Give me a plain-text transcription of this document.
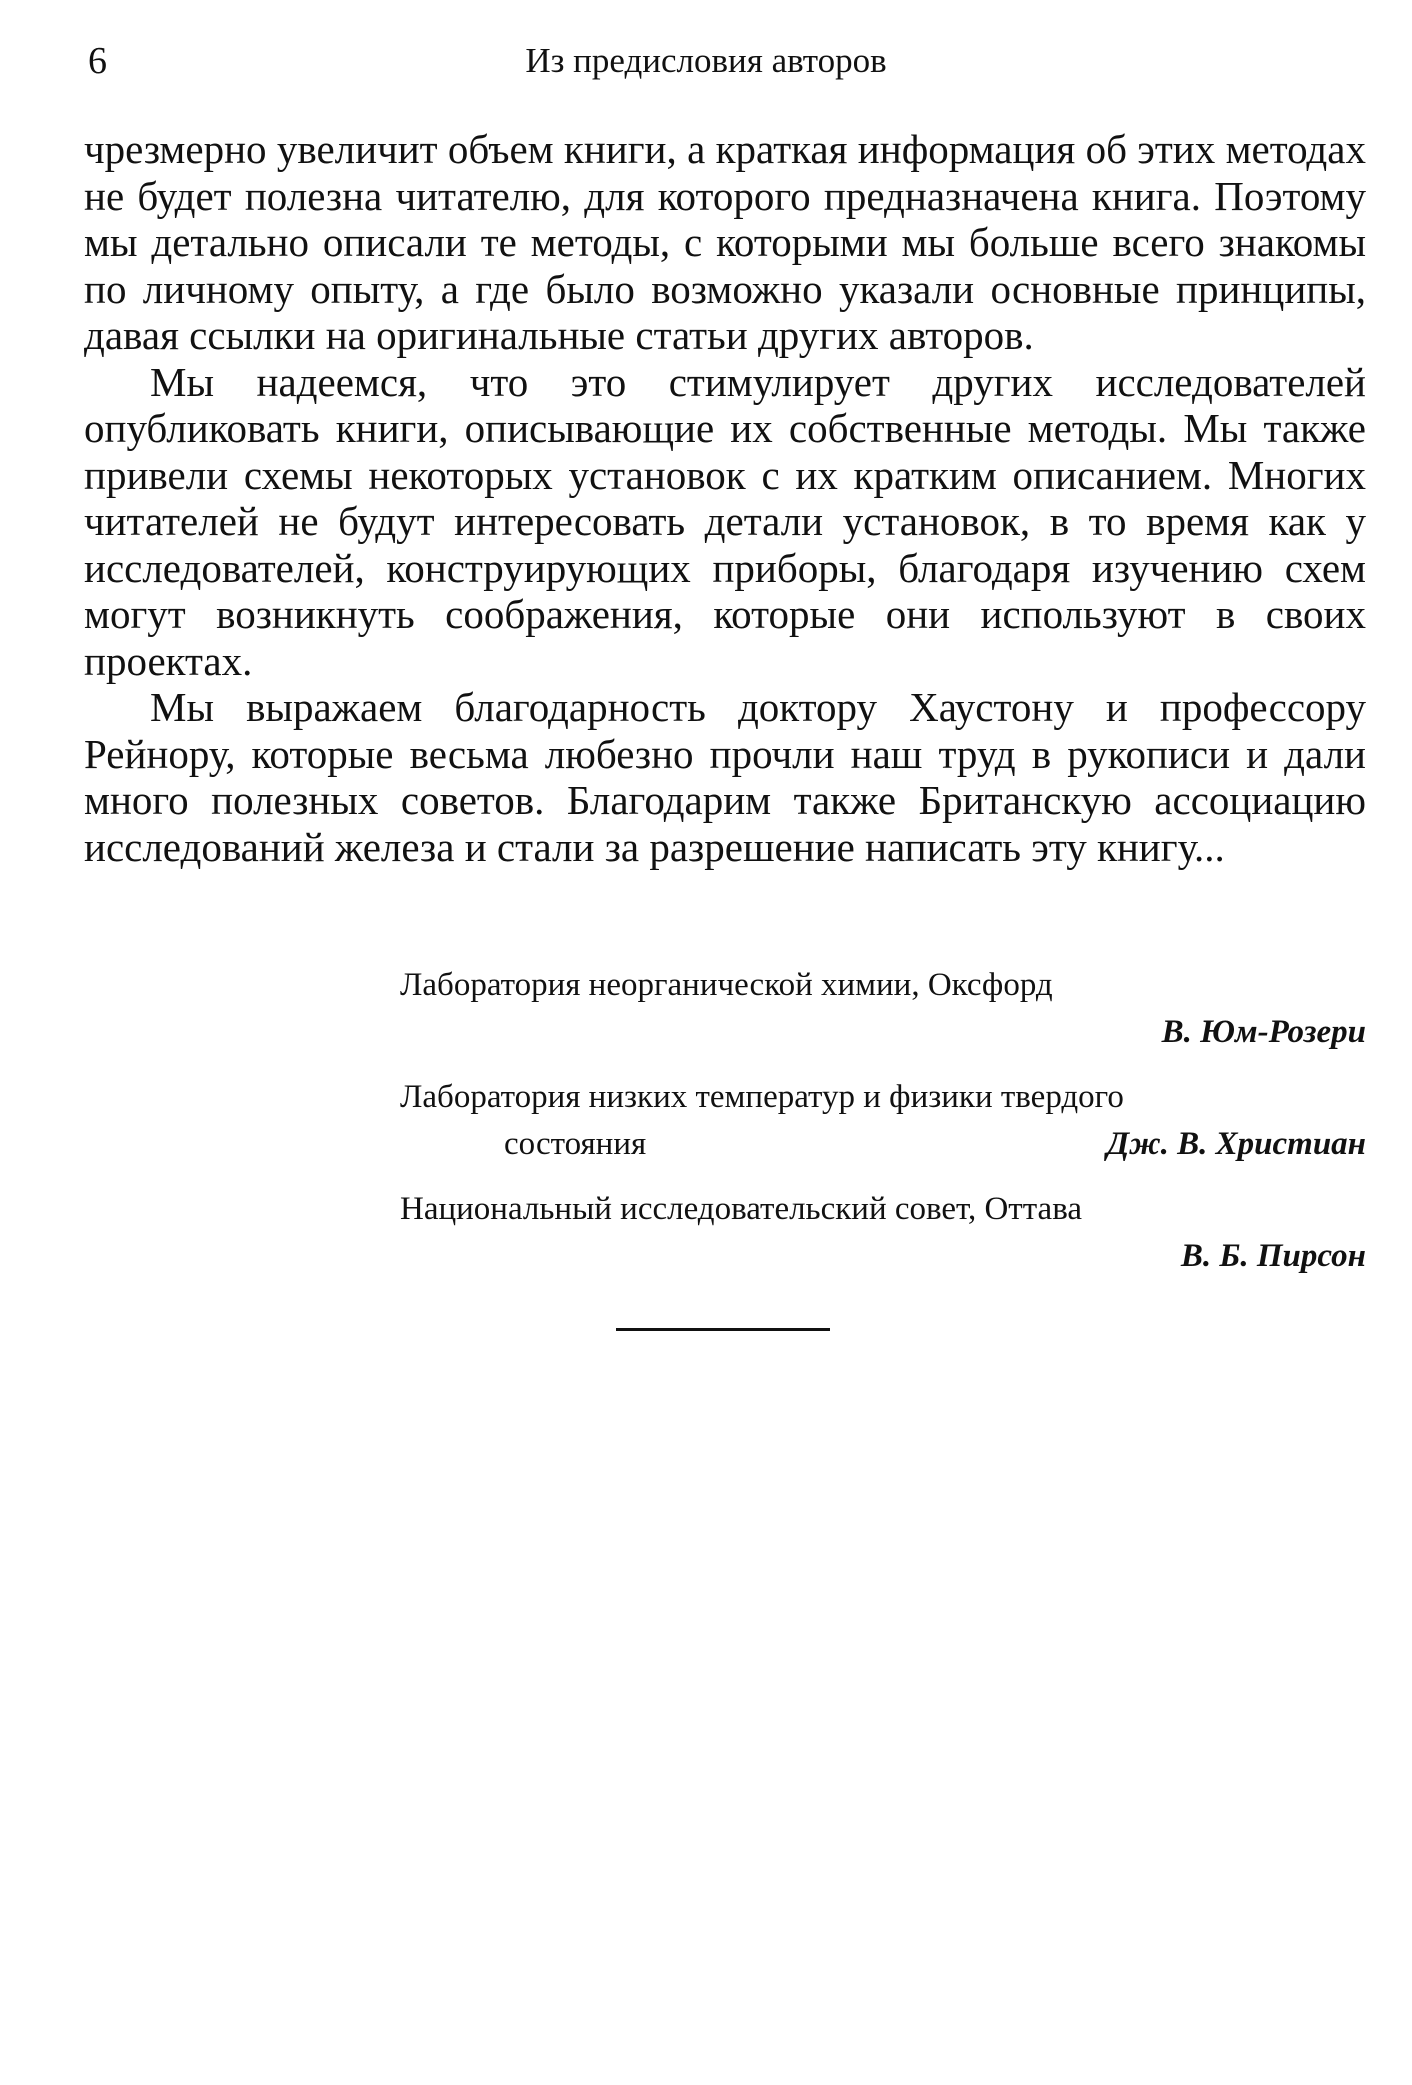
6	Из предисловия авторов

чрезмерно увеличит объем книги, а краткая информация об этих методах не будет полезна читателю, для которого предназначена книга. Поэтому мы детально описали те методы, с которыми мы больше всего знакомы по личному опыту, а где было возможно указали основные принципы, давая ссылки на оригинальные статьи других авторов.

Мы надеемся, что это стимулирует других исследователей опубликовать книги, описывающие их собственные методы. Мы также привели схемы некоторых установок с их кратким описанием. Многих читателей не будут интересовать детали установок, в то время как у исследователей, конструирующих приборы, благодаря изучению схем могут возникнуть соображения, которые они используют в своих проектах.

Мы выражаем благодарность доктору Хаустону и профессору Рейнору, которые весьма любезно прочли наш труд в рукописи и дали много полезных советов. Благодарим также Британскую ассоциацию исследований железа и стали за разрешение написать эту книгу...

Лаборатория неорганической химии, Оксфорд
В. Юм-Розери
Лаборатория низких температур и физики твердого
состояния	Дж. В. Христиан
Национальный исследовательский совет, Оттава
В. Б. Пирсон
